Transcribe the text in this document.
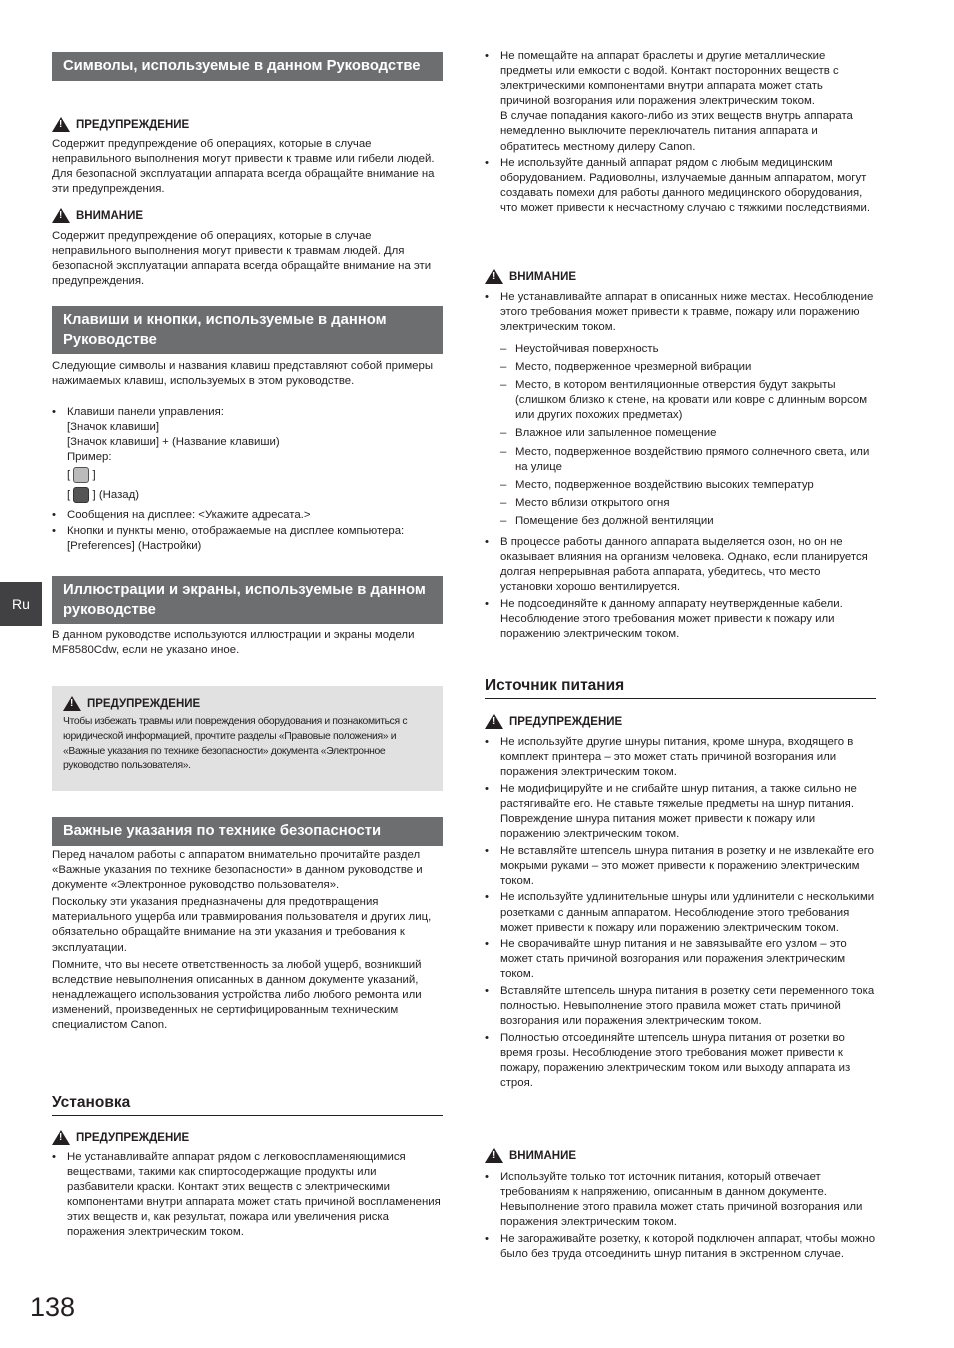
Ru
Символы, используемые в данном Руководстве
!
ПРЕДУПРЕЖДЕНИЕ

Содержит предупреждение об операциях, которые в случае неправильного выполнения могут привести к травме или гибели людей. Для безопасной эксплуатации аппарата всегда обращайте внимание на эти предупреждения.

!
ВНИМАНИЕ

Содержит предупреждение об операциях, которые в случае неправильного выполнения могут привести к травмам людей. Для безопасной эксплуатации аппарата всегда обращайте внимание на эти предупреждения.

Клавиши и кнопки, используемые в данном Руководстве

Следующие символы и названия клавиш представляют собой примеры нажимаемых клавиш, используемых в этом руководстве.

• Клавиши панели управления:
[Значок клавиши]
[Значок клавиши] + (Название клавиши)
Пример:
[ ]
[ ] (Назад)
• Сообщения на дисплее: <Укажите адресата.>
• Кнопки и пункты меню, отображаемые на дисплее компьютера: [Preferences] (Настройки)
Иллюстрации и экраны, используемые в данном руководстве

В данном руководстве используются иллюстрации и экраны модели MF8580Cdw, если не указано иное.

!
ПРЕДУПРЕЖДЕНИЕ
Чтобы избежать травмы или повреждения оборудования и познакомиться с юридической информацией, прочтите разделы «Правовые положения» и «Важные указания по технике безопасности» документа «Электронное руководство пользователя».
Важные указания по технике безопасности

Перед началом работы с аппаратом внимательно прочитайте раздел «Важные указания по технике безопасности» в данном руководстве и документе «Электронное руководство пользователя».

Поскольку эти указания предназначены для предотвращения материального ущерба или травмирования пользователя и других лиц, обязательно обращайте внимание на эти указания и требования к эксплуатации.

Помните, что вы несете ответственность за любой ущерб, возникший вследствие невыполнения описанных в данном документе указаний, ненадлежащего использования устройства либо любого ремонта или изменений, произведенных не сертифицированным техническим специалистом Canon.

Установка
!
ПРЕДУПРЕЖДЕНИЕ
• Не устанавливайте аппарат рядом с легковоспламеняющимися веществами, такими как спиртосодержащие продукты или разбавители краски. Контакт этих веществ с электрическими компонентами внутри аппарата может стать причиной воспламенения этих веществ и, как результат, пожара или увеличения риска поражения электрическим током.
• Не помещайте на аппарат браслеты и другие металлические предметы или емкости с водой. Контакт посторонних веществ с электрическими компонентами внутри аппарата может стать причиной возгорания или поражения электрическим током.
В случае попадания какого-либо из этих веществ внутрь аппарата немедленно выключите переключатель питания аппарата и обратитесь местному дилеру Canon.
• Не используйте данный аппарат рядом с любым медицинским оборудованием. Радиоволны, излучаемые данным аппаратом, могут создавать помехи для работы данного медицинского оборудования, что может привести к несчастному случаю с тяжкими последствиями.
!
ВНИМАНИЕ
• Не устанавливайте аппарат в описанных ниже местах. Несоблюдение этого требования может привести к травме, пожару или поражению электрическим током.
– Неустойчивая поверхность
– Место, подверженное чрезмерной вибрации
– Место, в котором вентиляционные отверстия будут закрыты (слишком близко к стене, на кровати или ковре с длинным ворсом или других похожих предметах)
– Влажное или запыленное помещение
– Место, подверженное воздействию прямого солнечного света, или на улице
– Место, подверженное воздействию высоких температур
– Место вблизи открытого огня
– Помещение без должной вентиляции
• В процессе работы данного аппарата выделяется озон, но он не оказывает влияния на организм человека. Однако, если планируется долгая непрерывная работа аппарата, убедитесь, что место установки хорошо вентилируется.
• Не подсоединяйте к данному аппарату неутвержденные кабели. Несоблюдение этого требования может привести к пожару или поражению электрическим током.
Источник питания
!
ПРЕДУПРЕЖДЕНИЕ
• Не используйте другие шнуры питания, кроме шнура, входящего в комплект принтера – это может стать причиной возгорания или поражения электрическим током.
• Не модифицируйте и не сгибайте шнур питания, а также сильно не растягивайте его. Не ставьте тяжелые предметы на шнур питания. Повреждение шнура питания может привести к пожару или поражению электрическим током.
• Не вставляйте штепсель шнура питания в розетку и не извлекайте его мокрыми руками – это может привести к поражению электрическим током.
• Не используйте удлинительные шнуры или удлинители с несколькими розетками с данным аппаратом. Несоблюдение этого требования может привести к пожару или поражению электрическим током.
• Не сворачивайте шнур питания и не завязывайте его узлом – это может стать причиной возгорания или поражения электрическим током.
• Вставляйте штепсель шнура питания в розетку сети переменного тока полностью. Невыполнение этого правила может стать причиной возгорания или поражения электрическим током.
• Полностью отсоединяйте штепсель шнура питания от розетки во время грозы. Несоблюдение этого требования может привести к пожару, поражению электрическим током или выходу аппарата из строя.
!
ВНИМАНИЕ
• Используйте только тот источник питания, который отвечает требованиям к напряжению, описанным в данном документе. Невыполнение этого правила может стать причиной возгорания или поражения электрическим током.
• Не загораживайте розетку, к которой подключен аппарат, чтобы можно было без труда отсоединить шнур питания в экстренном случае.
138
